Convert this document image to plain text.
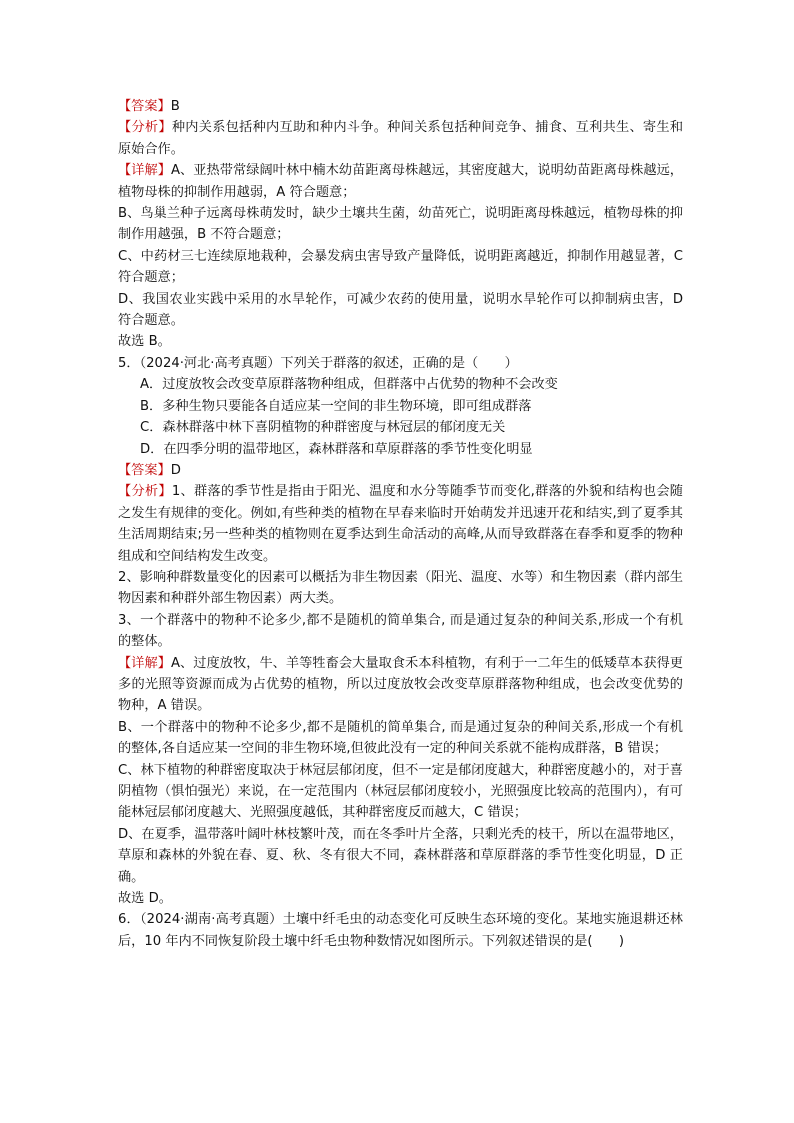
【答案】B

【分析】种内关系包括种内互助和种内斗争。种间关系包括种间竞争、捕食、互利共生、寄生和原始合作。

【详解】A、亚热带常绿阔叶林中楠木幼苗距离母株越远，其密度越大，说明幼苗距离母株越远，植物母株的抑制作用越弱，A 符合题意；

B、鸟巢兰种子远离母株萌发时，缺少土壤共生菌，幼苗死亡，说明距离母株越远，植物母株的抑制作用越强，B 不符合题意；

C、中药材三七连续原地栽种，会暴发病虫害导致产量降低，说明距离越近，抑制作用越显著，C 符合题意；

D、我国农业实践中采用的水旱轮作，可减少农药的使用量，说明水旱轮作可以抑制病虫害，D 符合题意。

故选 B。

5．（2024·河北·高考真题）下列关于群落的叙述，正确的是（　　）

A．过度放牧会改变草原群落物种组成，但群落中占优势的物种不会改变

B．多种生物只要能各自适应某一空间的非生物环境，即可组成群落

C．森林群落中林下喜阴植物的种群密度与林冠层的郁闭度无关

D．在四季分明的温带地区，森林群落和草原群落的季节性变化明显

【答案】D

【分析】1、群落的季节性是指由于阳光、温度和水分等随季节而变化,群落的外貌和结构也会随之发生有规律的变化。例如,有些种类的植物在早春来临时开始萌发并迅速开花和结实,到了夏季其生活周期结束;另一些种类的植物则在夏季达到生命活动的高峰,从而导致群落在春季和夏季的物种组成和空间结构发生改变。

2、影响种群数量变化的因素可以概括为非生物因素（阳光、温度、水等）和生物因素（群内部生物因素和种群外部生物因素）两大类。

3、一个群落中的物种不论多少,都不是随机的简单集合, 而是通过复杂的种间关系,形成一个有机的整体。

【详解】A、过度放牧，牛、羊等牲畜会大量取食禾本科植物，有利于一二年生的低矮草本获得更多的光照等资源而成为占优势的植物，所以过度放牧会改变草原群落物种组成，也会改变优势的物种，A 错误。

B、一个群落中的物种不论多少,都不是随机的简单集合, 而是通过复杂的种间关系,形成一个有机的整体,各自适应某一空间的非生物环境,但彼此没有一定的种间关系就不能构成群落，B 错误；

C、林下植物的种群密度取决于林冠层郁闭度，但不一定是郁闭度越大，种群密度越小的，对于喜阴植物（惧怕强光）来说，在一定范围内（林冠层郁闭度较小，光照强度比较高的范围内），有可能林冠层郁闭度越大、光照强度越低，其种群密度反而越大，C 错误；

D、在夏季，温带落叶阔叶林枝繁叶茂，而在冬季叶片全落，只剩光秃的枝干，所以在温带地区，草原和森林的外貌在春、夏、秋、冬有很大不同，森林群落和草原群落的季节性变化明显，D 正确。

故选 D。

6．（2024·湖南·高考真题）土壤中纤毛虫的动态变化可反映生态环境的变化。某地实施退耕还林后，10 年内不同恢复阶段土壤中纤毛虫物种数情况如图所示。下列叙述错误的是(　　)
